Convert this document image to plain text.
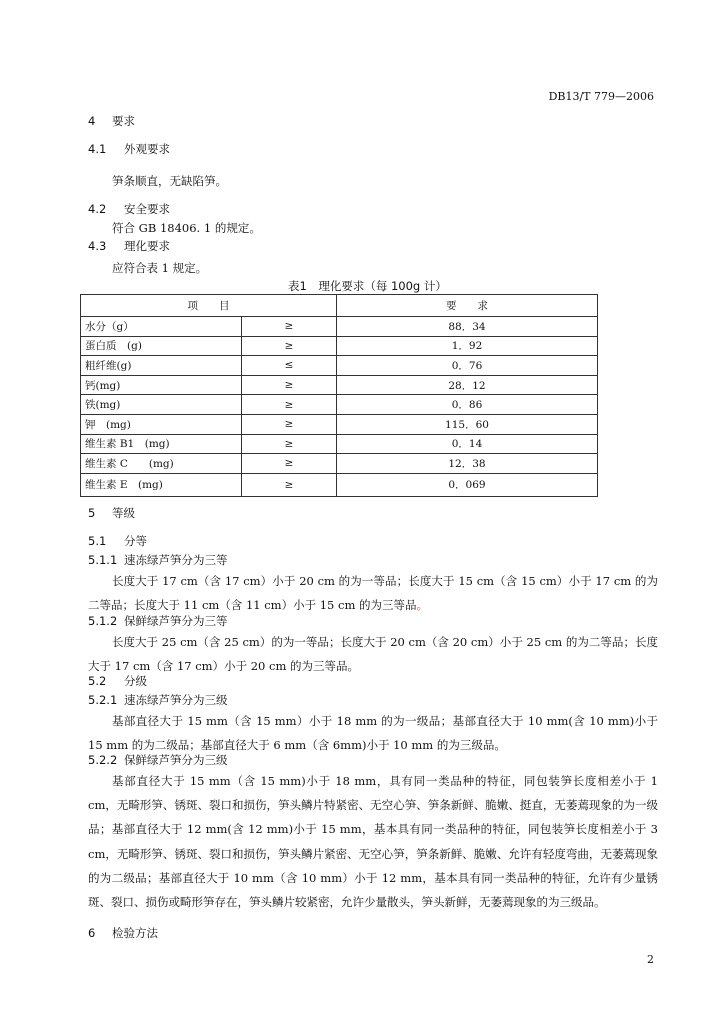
DB13/T 779—2006
4 要求
4.1 外观要求
笋条顺直，无缺陷笋。
4.2 安全要求
符合 GB 18406. 1 的规定。
4.3 理化要求
应符合表 1 规定。
表1　理化要求（每 100g 计）
项　　目		要　　求
水分（g）	≥	88．34
蛋白质　(g)	≥	1．92
粗纤维(g)	≤	0．76
钙(mg)	≥	28．12
铁(mg)	≥	0．86
钾　(mg)	≥	115．60
维生素 B1　(mg)	≥	0．14
维生素 C　　(mg)	≥	12．38
维生素 E　(mg)	≥	0．069
5 等级
5.1 分等
5.1.1 速冻绿芦笋分为三等
长度大于 17 cm（含 17 cm）小于 20 cm 的为一等品；长度大于 15 cm（含 15 cm）小于 17 cm 的为二等品；长度大于 11 cm（含 11 cm）小于 15 cm 的为三等品。
5.1.2 保鲜绿芦笋分为三等
长度大于 25 cm（含 25 cm）的为一等品；长度大于 20 cm（含 20 cm）小于 25 cm 的为二等品；长度大于 17 cm（含 17 cm）小于 20 cm 的为三等品。
5.2 分级
5.2.1 速冻绿芦笋分为三级
基部直径大于 15 mm（含 15 mm）小于 18 mm 的为一级品；基部直径大于 10 mm(含 10 mm)小于 15 mm 的为二级品；基部直径大于 6 mm（含 6mm)小于 10 mm 的为三级品。
5.2.2 保鲜绿芦笋分为三级
基部直径大于 15 mm（含 15 mm)小于 18 mm，具有同一类品种的特征，同包装笋长度相差小于 1 cm，无畸形笋、锈斑、裂口和损伤，笋头鳞片特紧密、无空心笋、笋条新鲜、脆嫩、挺直，无萎蔫现象的为一级品；基部直径大于 12 mm(含 12 mm)小于 15 mm，基本具有同一类品种的特征，同包装笋长度相差小于 3 cm，无畸形笋、锈斑、裂口和损伤，笋头鳞片紧密、无空心笋，笋条新鲜、脆嫩、允许有轻度弯曲，无萎蔫现象的为二级品；基部直径大于 10 mm（含 10 mm）小于 12 mm，基本具有同一类品种的特征，允许有少量锈斑、裂口、损伤或畸形笋存在，笋头鳞片较紧密，允许少量散头，笋头新鲜，无萎蔫现象的为三级品。
6 检验方法
2
